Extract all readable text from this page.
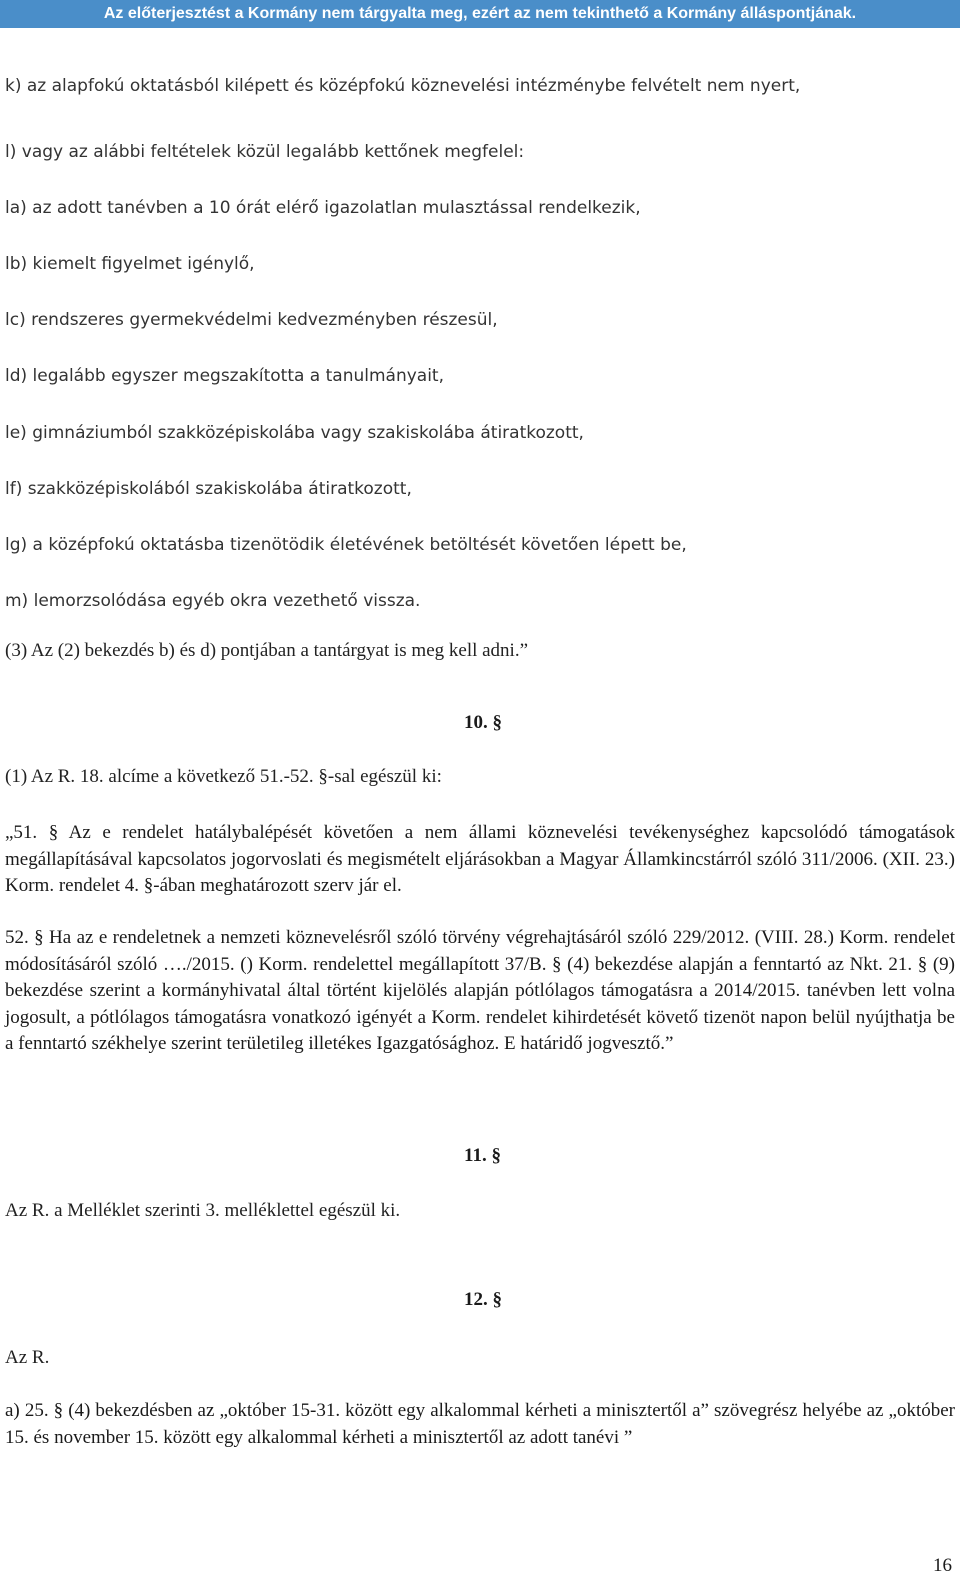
Az előterjesztést a Kormány nem tárgyalta meg, ezért az nem tekinthető a Kormány álláspontjának.
k) az alapfokú oktatásból kilépett és középfokú köznevelési intézménybe felvételt nem nyert,
l) vagy az alábbi feltételek közül legalább kettőnek megfelel:
la) az adott tanévben a 10 órát elérő igazolatlan mulasztással rendelkezik,
lb) kiemelt figyelmet igénylő,
lc) rendszeres gyermekvédelmi kedvezményben részesül,
ld) legalább egyszer megszakította a tanulmányait,
le) gimnáziumból szakközépiskolába vagy szakiskolába átiratkozott,
lf) szakközépiskolából szakiskolába átiratkozott,
lg) a középfokú oktatásba tizenötödik életévének betöltését követően lépett be,
m) lemorzsolódása egyéb okra vezethető vissza.
(3) Az (2) bekezdés b) és d) pontjában a tantárgyat is meg kell adni.”
10. §
(1) Az R. 18. alcíme a következő 51.-52. §-sal egészül ki:
„51. § Az e rendelet hatálybalépését követően a nem állami köznevelési tevékenységhez kapcsolódó támogatások megállapításával kapcsolatos jogorvoslati és megismételt eljárásokban a Magyar Államkincstárról szóló 311/2006. (XII. 23.) Korm. rendelet 4. §-ában meghatározott szerv jár el.
52. § Ha az e rendeletnek a nemzeti köznevelésről szóló törvény végrehajtásáról szóló 229/2012. (VIII. 28.) Korm. rendelet módosításáról szóló …./2015. () Korm. rendelettel megállapított 37/B. § (4) bekezdése alapján a fenntartó az Nkt. 21. § (9) bekezdése szerint a kormányhivatal által történt kijelölés alapján pótlólagos támogatásra a 2014/2015. tanévben lett volna jogosult, a pótlólagos támogatásra vonatkozó igényét a Korm. rendelet kihirdetését követő tizenöt napon belül nyújthatja be a fenntartó székhelye szerint területileg illetékes Igazgatósághoz. E határidő jogvesztő.”
11. §
Az R. a Melléklet szerinti 3. melléklettel egészül ki.
12. §
Az R.
a) 25. § (4) bekezdésben az „október 15-31. között egy alkalommal kérheti a minisztertől a” szövegrész helyébe az „október 15. és november 15. között egy alkalommal kérheti a minisztertől az adott tanévi ”
16
